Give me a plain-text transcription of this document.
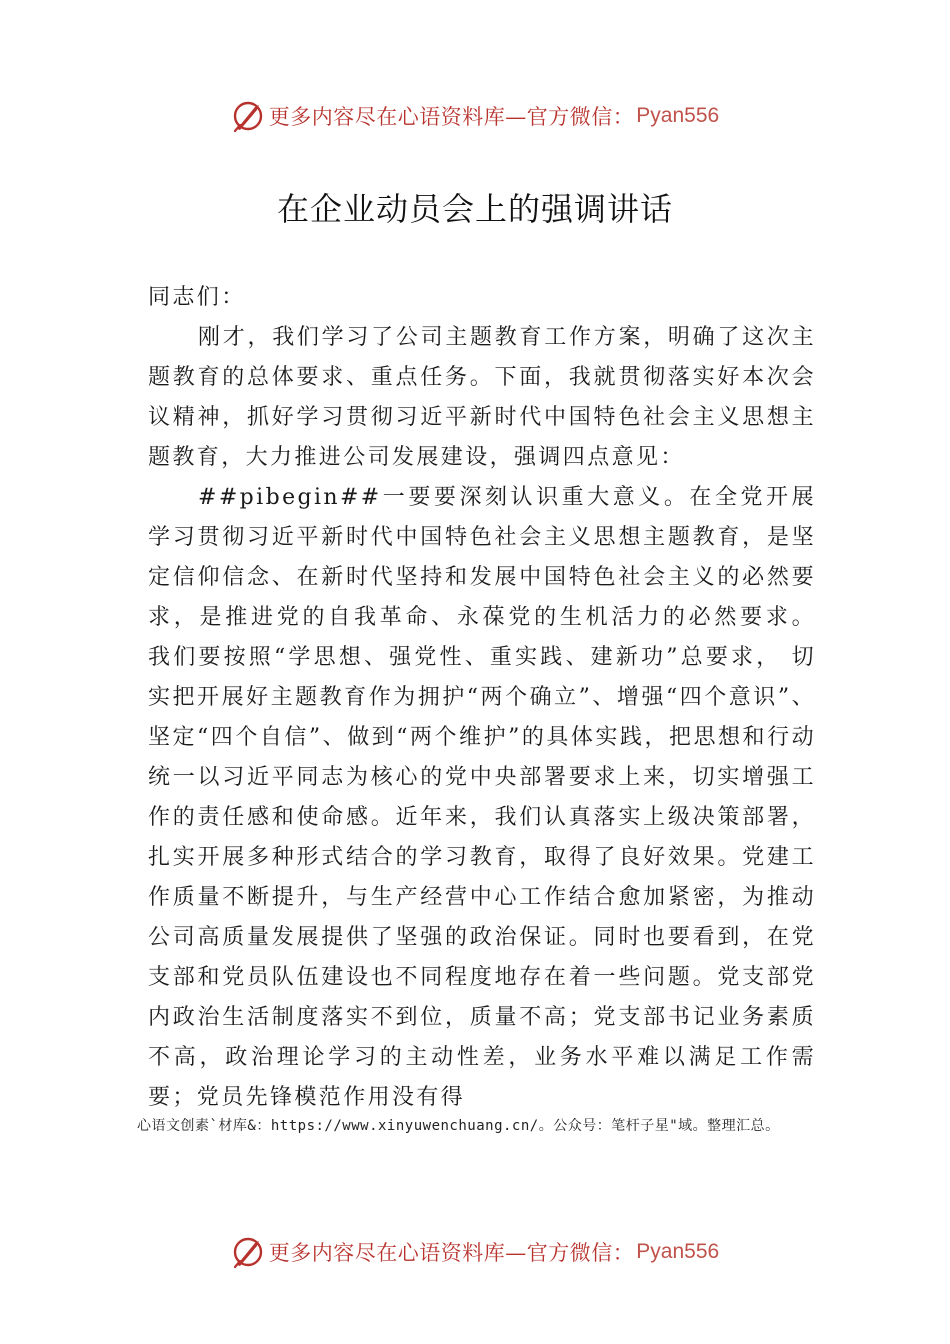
更多内容尽在心语资料库—官方微信： Pyan556
在企业动员会上的强调讲话

同志们：

刚才，我们学习了公司主题教育工作方案，明确了这次主题教育的总体要求、重点任务。下面，我就贯彻落实好本次会议精神，抓好学习贯彻习近平新时代中国特色社会主义思想主题教育，大力推进公司发展建设，强调四点意见：

##pibegin##一要要深刻认识重大意义。在全党开展学习贯彻习近平新时代中国特色社会主义思想主题教育，是坚定信仰信念、在新时代坚持和发展中国特色社会主义的必然要求，是推进党的自我革命、永葆党的生机活力的必然要求。 我们要按照“学思想、强党性、重实践、建新功”总要求， 切实把开展好主题教育作为拥护“两个确立”、增强“四个意识”、坚定“四个自信”、做到“两个维护”的具体实践，把思想和行动统一以习近平同志为核心的党中央部署要求上来，切实增强工作的责任感和使命感。近年来，我们认真落实上级决策部署，扎实开展多种形式结合的学习教育，取得了良好效果。党建工作质量不断提升，与生产经营中心工作结合愈加紧密，为推动公司高质量发展提供了坚强的政治保证。同时也要看到，在党支部和党员队伍建设也不同程度地存在着一些问题。党支部党内政治生活制度落实不到位，质量不高；党支部书记业务素质不高，政治理论学习的主动性差，业务水平难以满足工作需要；党员先锋模范作用没有得

心语文创素`材库&：https://www.xinyuwenchuang.cn/。公众号：笔杆子星"域。整理汇总。
更多内容尽在心语资料库—官方微信： Pyan556
